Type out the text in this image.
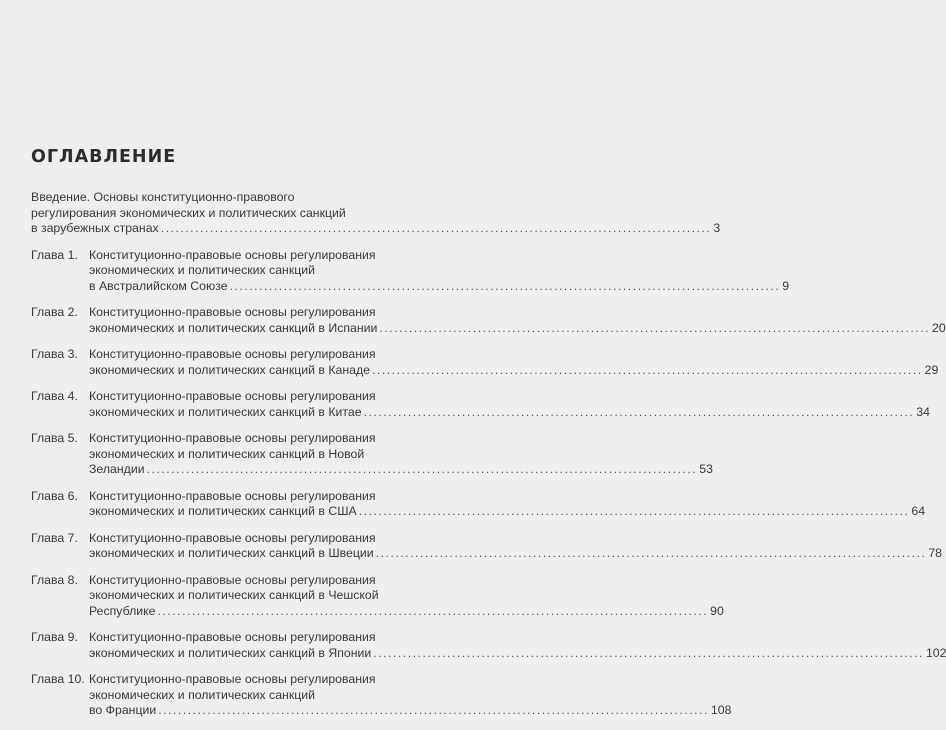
ОГЛАВЛЕНИЕ
Введение. Основы конституционно-правового
регулирования экономических и политических санкций
в зарубежных странах .....	3
Глава 1. Конституционно-правовые основы регулирования
экономических и политических санкций
в Австралийском Союзе .....	9
Глава 2. Конституционно-правовые основы регулирования
экономических и политических санкций в Испании .....	20
Глава 3. Конституционно-правовые основы регулирования
экономических и политических санкций в Канаде .....	29
Глава 4. Конституционно-правовые основы регулирования
экономических и политических санкций в Китае .....	34
Глава 5. Конституционно-правовые основы регулирования
экономических и политических санкций в Новой
Зеландии .....	53
Глава 6. Конституционно-правовые основы регулирования
экономических и политических санкций в США .....	64
Глава 7. Конституционно-правовые основы регулирования
экономических и политических санкций в Швеции .....	78
Глава 8. Конституционно-правовые основы регулирования
экономических и политических санкций в Чешской
Республике .....	90
Глава 9. Конституционно-правовые основы регулирования
экономических и политических санкций в Японии .....	102
Глава 10. Конституционно-правовые основы регулирования
экономических и политических санкций
во Франции .....	108
